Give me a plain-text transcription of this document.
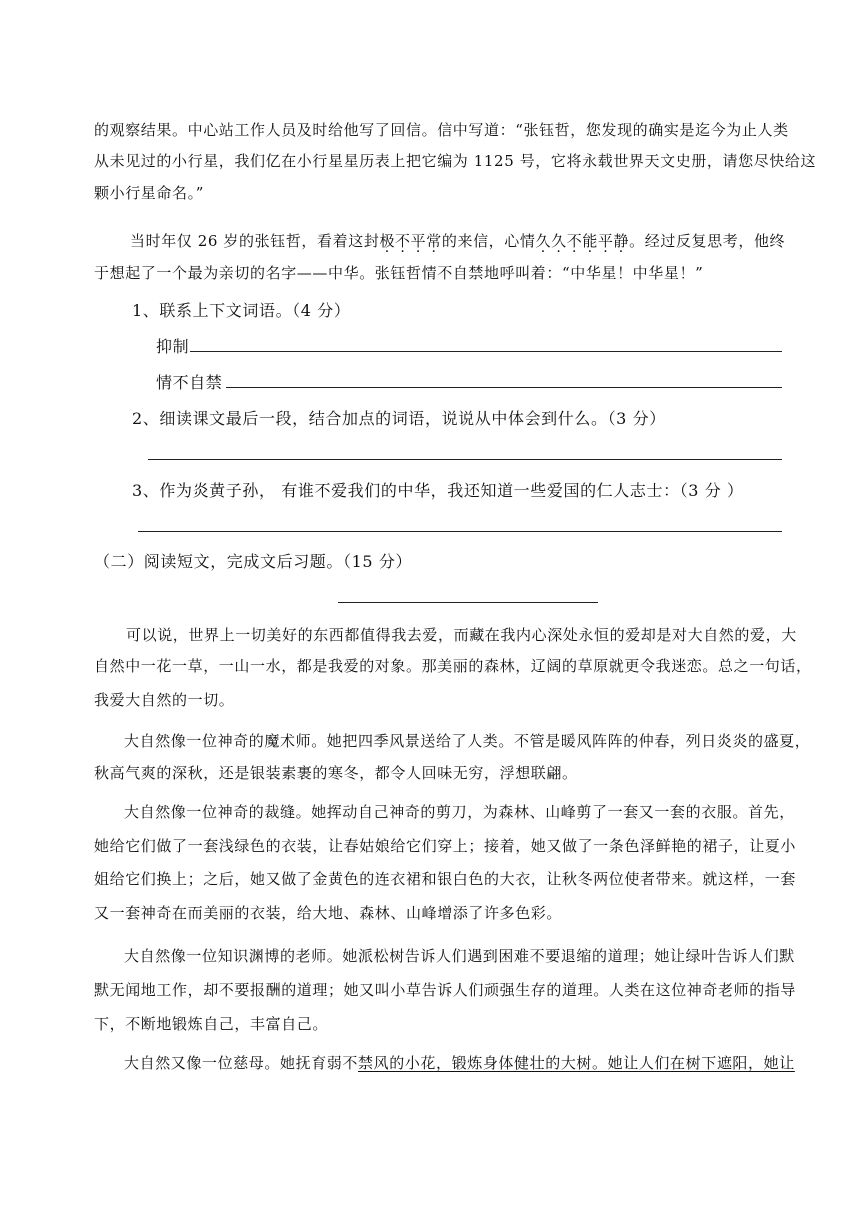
的观察结果。中心站工作人员及时给他写了回信。信中写道：“张钰哲，您发现的确实是迄今为止人类
从未见过的小行星，我们亿在小行星星历表上把它编为 1125 号，它将永载世界天文史册，请您尽快给这
颗小行星命名。”
当时年仅 26 岁的张钰哲，看着这封极不平常的来信，心情久久不能平静。经过反复思考，他终
于想起了一个最为亲切的名字——中华。张钰哲情不自禁地呼叫着：“中华星！中华星！”
1、联系上下文词语。（4 分）
抑制
情不自禁
2、细读课文最后一段，结合加点的词语，说说从中体会到什么。（3 分）
3、作为炎黄子孙， 有谁不爱我们的中华，我还知道一些爱国的仁人志士：（3 分 ）
（二）阅读短文，完成文后习题。（15 分）
可以说，世界上一切美好的东西都值得我去爱，而藏在我内心深处永恒的爱却是对大自然的爱，大
自然中一花一草，一山一水，都是我爱的对象。那美丽的森林，辽阔的草原就更令我迷恋。总之一句话，
我爱大自然的一切。
大自然像一位神奇的魔术师。她把四季风景送给了人类。不管是暖风阵阵的仲春，列日炎炎的盛夏，
秋高气爽的深秋，还是银装素裹的寒冬，都令人回味无穷，浮想联翩。
大自然像一位神奇的裁缝。她挥动自己神奇的剪刀，为森林、山峰剪了一套又一套的衣服。首先，
她给它们做了一套浅绿色的衣装，让春姑娘给它们穿上；接着，她又做了一条色泽鲜艳的裙子，让夏小
姐给它们换上；之后，她又做了金黄色的连衣裙和银白色的大衣，让秋冬两位使者带来。就这样，一套
又一套神奇在而美丽的衣装，给大地、森林、山峰增添了许多色彩。
大自然像一位知识渊博的老师。她派松树告诉人们遇到困难不要退缩的道理；她让绿叶告诉人们默
默无闻地工作，却不要报酬的道理；她又叫小草告诉人们顽强生存的道理。人类在这位神奇老师的指导
下，不断地锻炼自己，丰富自己。
大自然又像一位慈母。她抚育弱不禁风的小花，锻炼身体健壮的大树。她让人们在树下遮阳，她让
